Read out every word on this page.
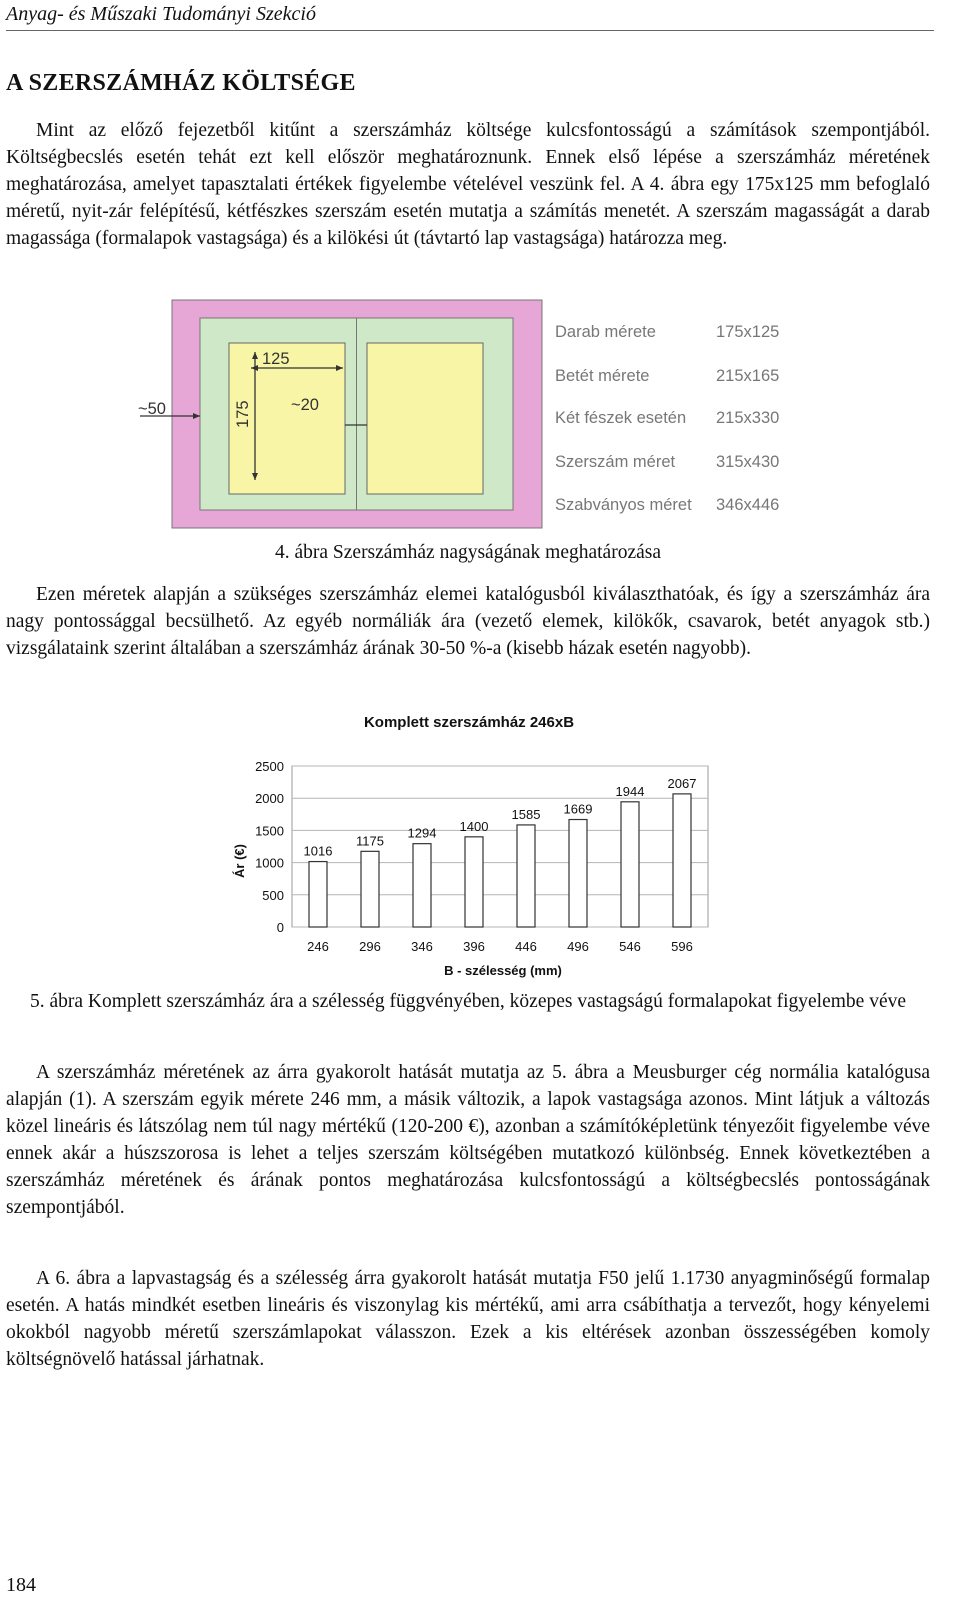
Anyag- és Műszaki Tudományi Szekció
A SZERSZÁMHÁZ KÖLTSÉGE

Mint az előző fejezetből kitűnt a szerszámház költsége kulcsfontosságú a számítások szempontjából. Költségbecslés esetén tehát ezt kell először meghatároznunk. Ennek első lépése a szerszámház méretének meghatározása, amelyet tapasztalati értékek figyelembe vételével veszünk fel. A 4. ábra egy 175x125 mm befoglaló méretű, nyit-zár felépítésű, kétfészkes szerszám esetén mutatja a számítás menetét. A szerszám magasságát a darab magassága (formalapok vastagsága) és a kilökési út (távtartó lap vastagsága) határozza meg.

125
175 ~20
~50
Darab mérete	175x125
Betét mérete	215x165
Két fészek esetén 215x330
Szerszám méret 315x430
Szabványos méret 346x446
4. ábra Szerszámház nagyságának meghatározása

Ezen méretek alapján a szükséges szerszámház elemei katalógusból kiválaszthatóak, és így a szerszámház ára nagy pontossággal becsülhető. Az egyéb normáliák ára (vezető elemek, kilökők, csavarok, betét anyagok stb.) vizsgálataink szerint általában a szerszámház árának 30-50 %-a (kisebb házak esetén nagyobb).

Komplett szerszámház 246xB
Ár (€)
B - szélesség (mm)
0
500
1000
1500
2000
2500
1016
246
1175
296
1294
346
1400
396
1585
446
1669
496
1944
546
2067
596
5. ábra Komplett szerszámház ára a szélesség függvényében, közepes vastagságú formalapokat figyelembe véve

A szerszámház méretének az árra gyakorolt hatását mutatja az 5. ábra a Meusburger cég normália katalógusa alapján (1). A szerszám egyik mérete 246 mm, a másik változik, a lapok vastagsága azonos. Mint látjuk a változás közel lineáris és látszólag nem túl nagy mértékű (120-200 €), azonban a számítóképletünk tényezőit figyelembe véve ennek akár a húszszorosa is lehet a teljes szerszám költségében mutatkozó különbség. Ennek következtében a szerszámház méretének és árának pontos meghatározása kulcsfontosságú a költségbecslés pontosságának szempontjából.

A 6. ábra a lapvastagság és a szélesség árra gyakorolt hatását mutatja F50 jelű 1.1730 anyagminőségű formalap esetén. A hatás mindkét esetben lineáris és viszonylag kis mértékű, ami arra csábíthatja a tervezőt, hogy kényelemi okokból nagyobb méretű szerszámlapokat válasszon. Ezek a kis eltérések azonban összességében komoly költségnövelő hatással járhatnak.

184
